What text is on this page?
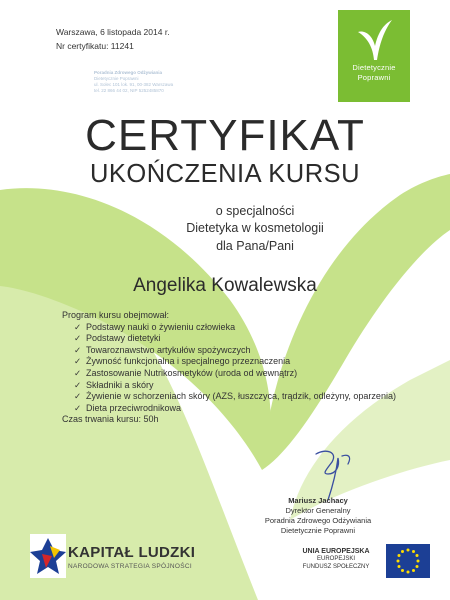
Warszawa, 6 listopada 2014 r.
Nr certyfikatu: 11241
Dietetycznie
Poprawni
Poradnia Zdrowego Odżywiania
Dietetycznie Poprawni
ul. Solec 101 lok. 91, 00-382 Warszawa
tel. 22 866 44 02, NIP 5252485870
CERTYFIKAT
UKOŃCZENIA KURSU
o specjalności
Dietetyka w kosmetologii
dla Pana/Pani
Angelika Kowalewska
Program kursu obejmował:
✓ Podstawy nauki o żywieniu człowieka
✓ Podstawy dietetyki
✓ Towaroznawstwo artykułów spożywczych
✓ Żywność funkcjonalna i specjalnego przeznaczenia
✓ Zastosowanie Nutrikosmetyków (uroda od wewnątrz)
✓ Składniki a skóry
✓ Żywienie w schorzeniach skóry (AZS, łuszczyca, trądzik, odleżyny, oparzenia)
✓ Dieta przeciwrodnikowa
Czas trwania kursu: 50h
Mariusz Jachacy
Dyrektor Generalny
Poradnia Zdrowego Odżywiania
Dietetycznie Poprawni
KAPITAŁ LUDZKI
NARODOWA STRATEGIA SPÓJNOŚCI
UNIA EUROPEJSKA
EUROPEJSKI
FUNDUSZ SPOŁECZNY
